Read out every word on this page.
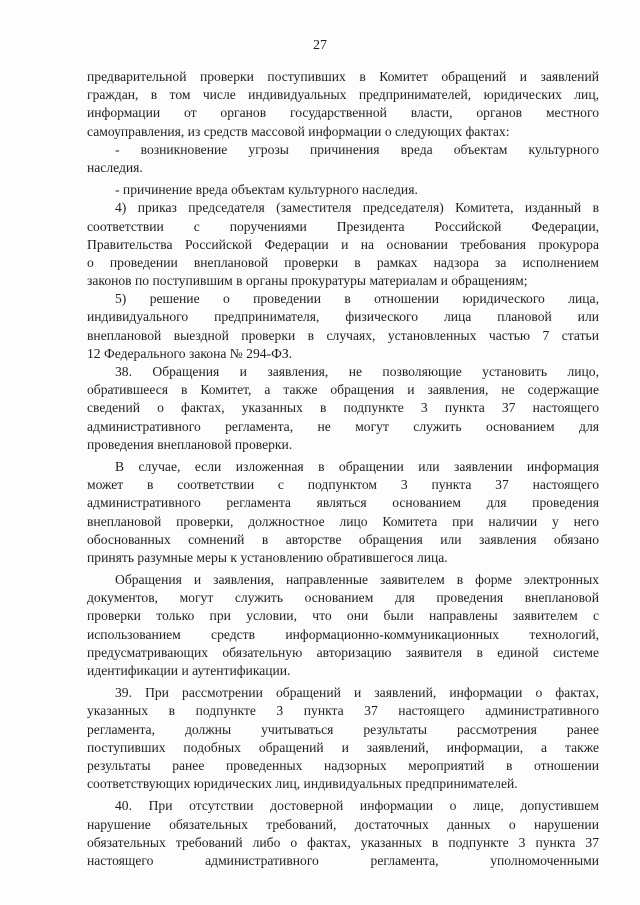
27
предварительной проверки поступивших в Комитет обращений и заявлений
граждан, в том числе индивидуальных предпринимателей, юридических лиц,
информации от органов государственной власти, органов местного
самоуправления, из средств массовой информации о следующих фактах:
- возникновение угрозы причинения вреда объектам культурного
наследия.
- причинение вреда объектам культурного наследия.
4) приказ председателя (заместителя председателя) Комитета, изданный в
соответствии с поручениями Президента Российской Федерации,
Правительства Российской Федерации и на основании требования прокурора
о проведении внеплановой проверки в рамках надзора за исполнением
законов по поступившим в органы прокуратуры материалам и обращениям;
5) решение о проведении в отношении юридического лица,
индивидуального предпринимателя, физического лица плановой или
внеплановой выездной проверки в случаях, установленных частью 7 статьи
12 Федерального закона № 294-ФЗ.
38. Обращения и заявления, не позволяющие установить лицо,
обратившееся в Комитет, а также обращения и заявления, не содержащие
сведений о фактах, указанных в подпункте 3 пункта 37 настоящего
административного регламента, не могут служить основанием для
проведения внеплановой проверки.
В случае, если изложенная в обращении или заявлении информация
может в соответствии с подпунктом 3 пункта 37 настоящего
административного регламента являться основанием для проведения
внеплановой проверки, должностное лицо Комитета при наличии у него
обоснованных сомнений в авторстве обращения или заявления обязано
принять разумные меры к установлению обратившегося лица.
Обращения и заявления, направленные заявителем в форме электронных
документов, могут служить основанием для проведения внеплановой
проверки только при условии, что они были направлены заявителем с
использованием средств информационно-коммуникационных технологий,
предусматривающих обязательную авторизацию заявителя в единой системе
идентификации и аутентификации.
39. При рассмотрении обращений и заявлений, информации о фактах,
указанных в подпункте 3 пункта 37 настоящего административного
регламента, должны учитываться результаты рассмотрения ранее
поступивших подобных обращений и заявлений, информации, а также
результаты ранее проведенных надзорных мероприятий в отношении
соответствующих юридических лиц, индивидуальных предпринимателей.
40. При отсутствии достоверной информации о лице, допустившем
нарушение обязательных требований, достаточных данных о нарушении
обязательных требований либо о фактах, указанных в подпункте 3 пункта 37
настоящего административного регламента, уполномоченными
